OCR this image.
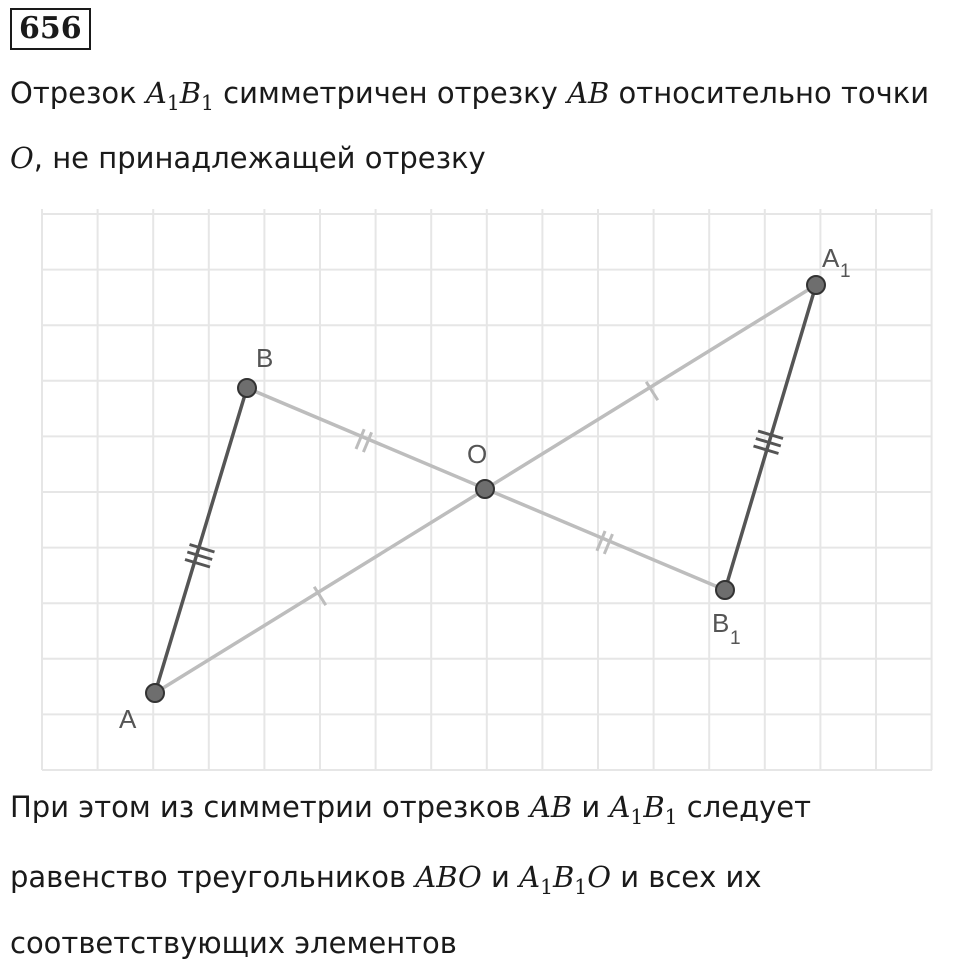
656
Отрезок $A_1B_1$ симметричен отрезку AB относительно точки
O, не принадлежащей отрезку
A
B
O
A 1
B
1
При этом из симметрии отрезков AB и $A_1B_1$ следует
равенство треугольников ABO и $A_1B_1O$ и всех их
соответствующих элементов
